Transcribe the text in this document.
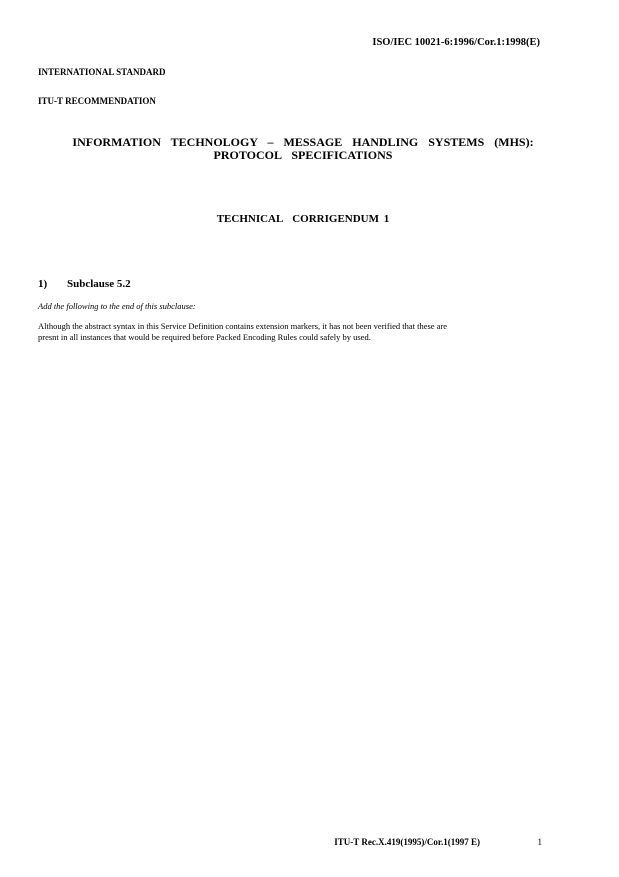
ISO/IEC 10021-6:1996/Cor.1:1998(E)
INTERNATIONAL STANDARD
ITU-T RECOMMENDATION
INFORMATION  TECHNOLOGY  –  MESSAGE  HANDLING  SYSTEMS  (MHS):
PROTOCOL  SPECIFICATIONS
TECHNICAL  CORRIGENDUM 1
1) Subclause 5.2
Add the following to the end of this subclause:
Although the abstract syntax in this Service Definition contains extension markers, it has not been verified that these are
presnt in all instances that would be required before Packed Encoding Rules could safely by used.
ITU-T Rec.X.419(1995)/Cor.1(1997 E)	1
